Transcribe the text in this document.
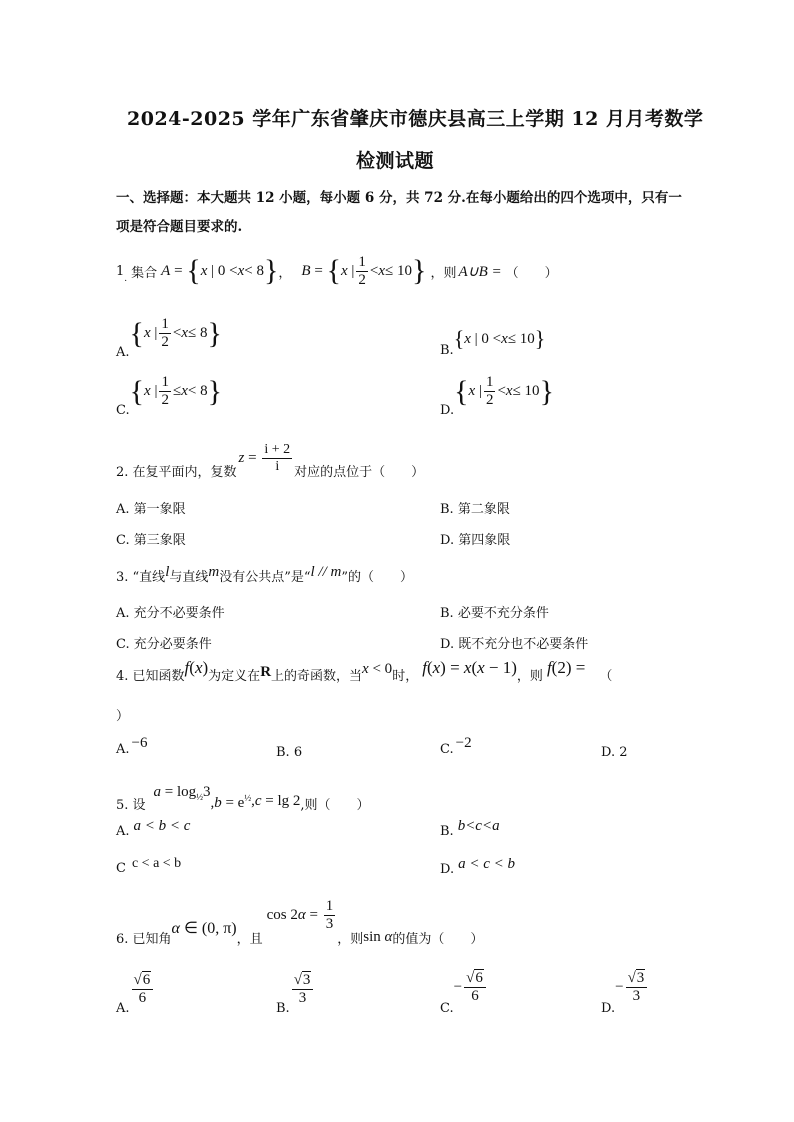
2024-2025 学年广东省肇庆市德庆县高三上学期 12 月月考数学
检测试题
一、选择题：本大题共 12 小题，每小题 6 分，共 72 分.在每小题给出的四个选项中，只有一
项是符合题目要求的.
1
. 集合 A = { x | 0 < x < 8 } ， B = { x | $\frac{1}{2} < x \le 10$ } ，则 A∪B = （　　）
A.
{ x | $\frac{1}{2} < x \le 8$ }
B. { x | 0 < x ≤ 10 }
C.
{ x | $\frac{1}{2} \le x < 8$ }
D.
{ x | $\frac{1}{2} < x \le 10$ }
2. 在复平面内，复数
$z = \frac{i + 2}{i}$ 对应的点位于（　　）
A. 第一象限	B. 第二象限
C. 第三象限	D. 第四象限
3. “直线 l 与直线 m 没有公共点”是“ l // m ”的（　　）
A. 充分不必要条件	B. 必要不充分条件
C. 充分必要条件	D. 既不充分也不必要条件
4. 已知函数 f(x) 为定义在 R 上的奇函数，当 x < 0 时， f(x) = x(x − 1) ，则 f(2) = （
）
A. −6
B. 6	C. −2
D. 2
5. 设
$a = \log_{\frac{1}{2}}3$
$,b = e^{\frac{1}{2}}$ ,c = lg 2 ,则（　　）
A. a < b < c	B. b<c<a
C c < a < b	D. a < c < b
6. 已知角
α ∈ (0, π)
，且
$\cos 2\alpha = \frac{1}{3}$
，则 sin α 的值为（　　）
A.
$\frac{√6}{6}$
B.
$\frac{√3}{3}$
C.
− $\frac{√6}{6}$
D.
− $\frac{√3}{3}$
